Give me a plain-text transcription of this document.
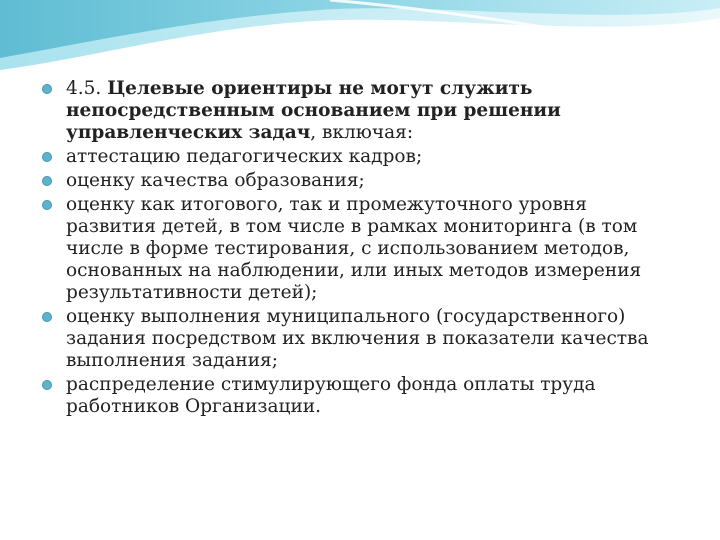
4.5. Целевые ориентиры не могут служить непосредственным основанием при решении управленческих задач, включая:
аттестацию педагогических кадров;
оценку качества образования;
оценку как итогового, так и промежуточного уровня развития детей, в том числе в рамках мониторинга (в том числе в форме тестирования, с использованием методов, основанных на наблюдении, или иных методов измерения результативности детей);
оценку выполнения муниципального (государственного) задания посредством их включения в показатели качества выполнения задания;
распределение стимулирующего фонда оплаты труда работников Организации.
